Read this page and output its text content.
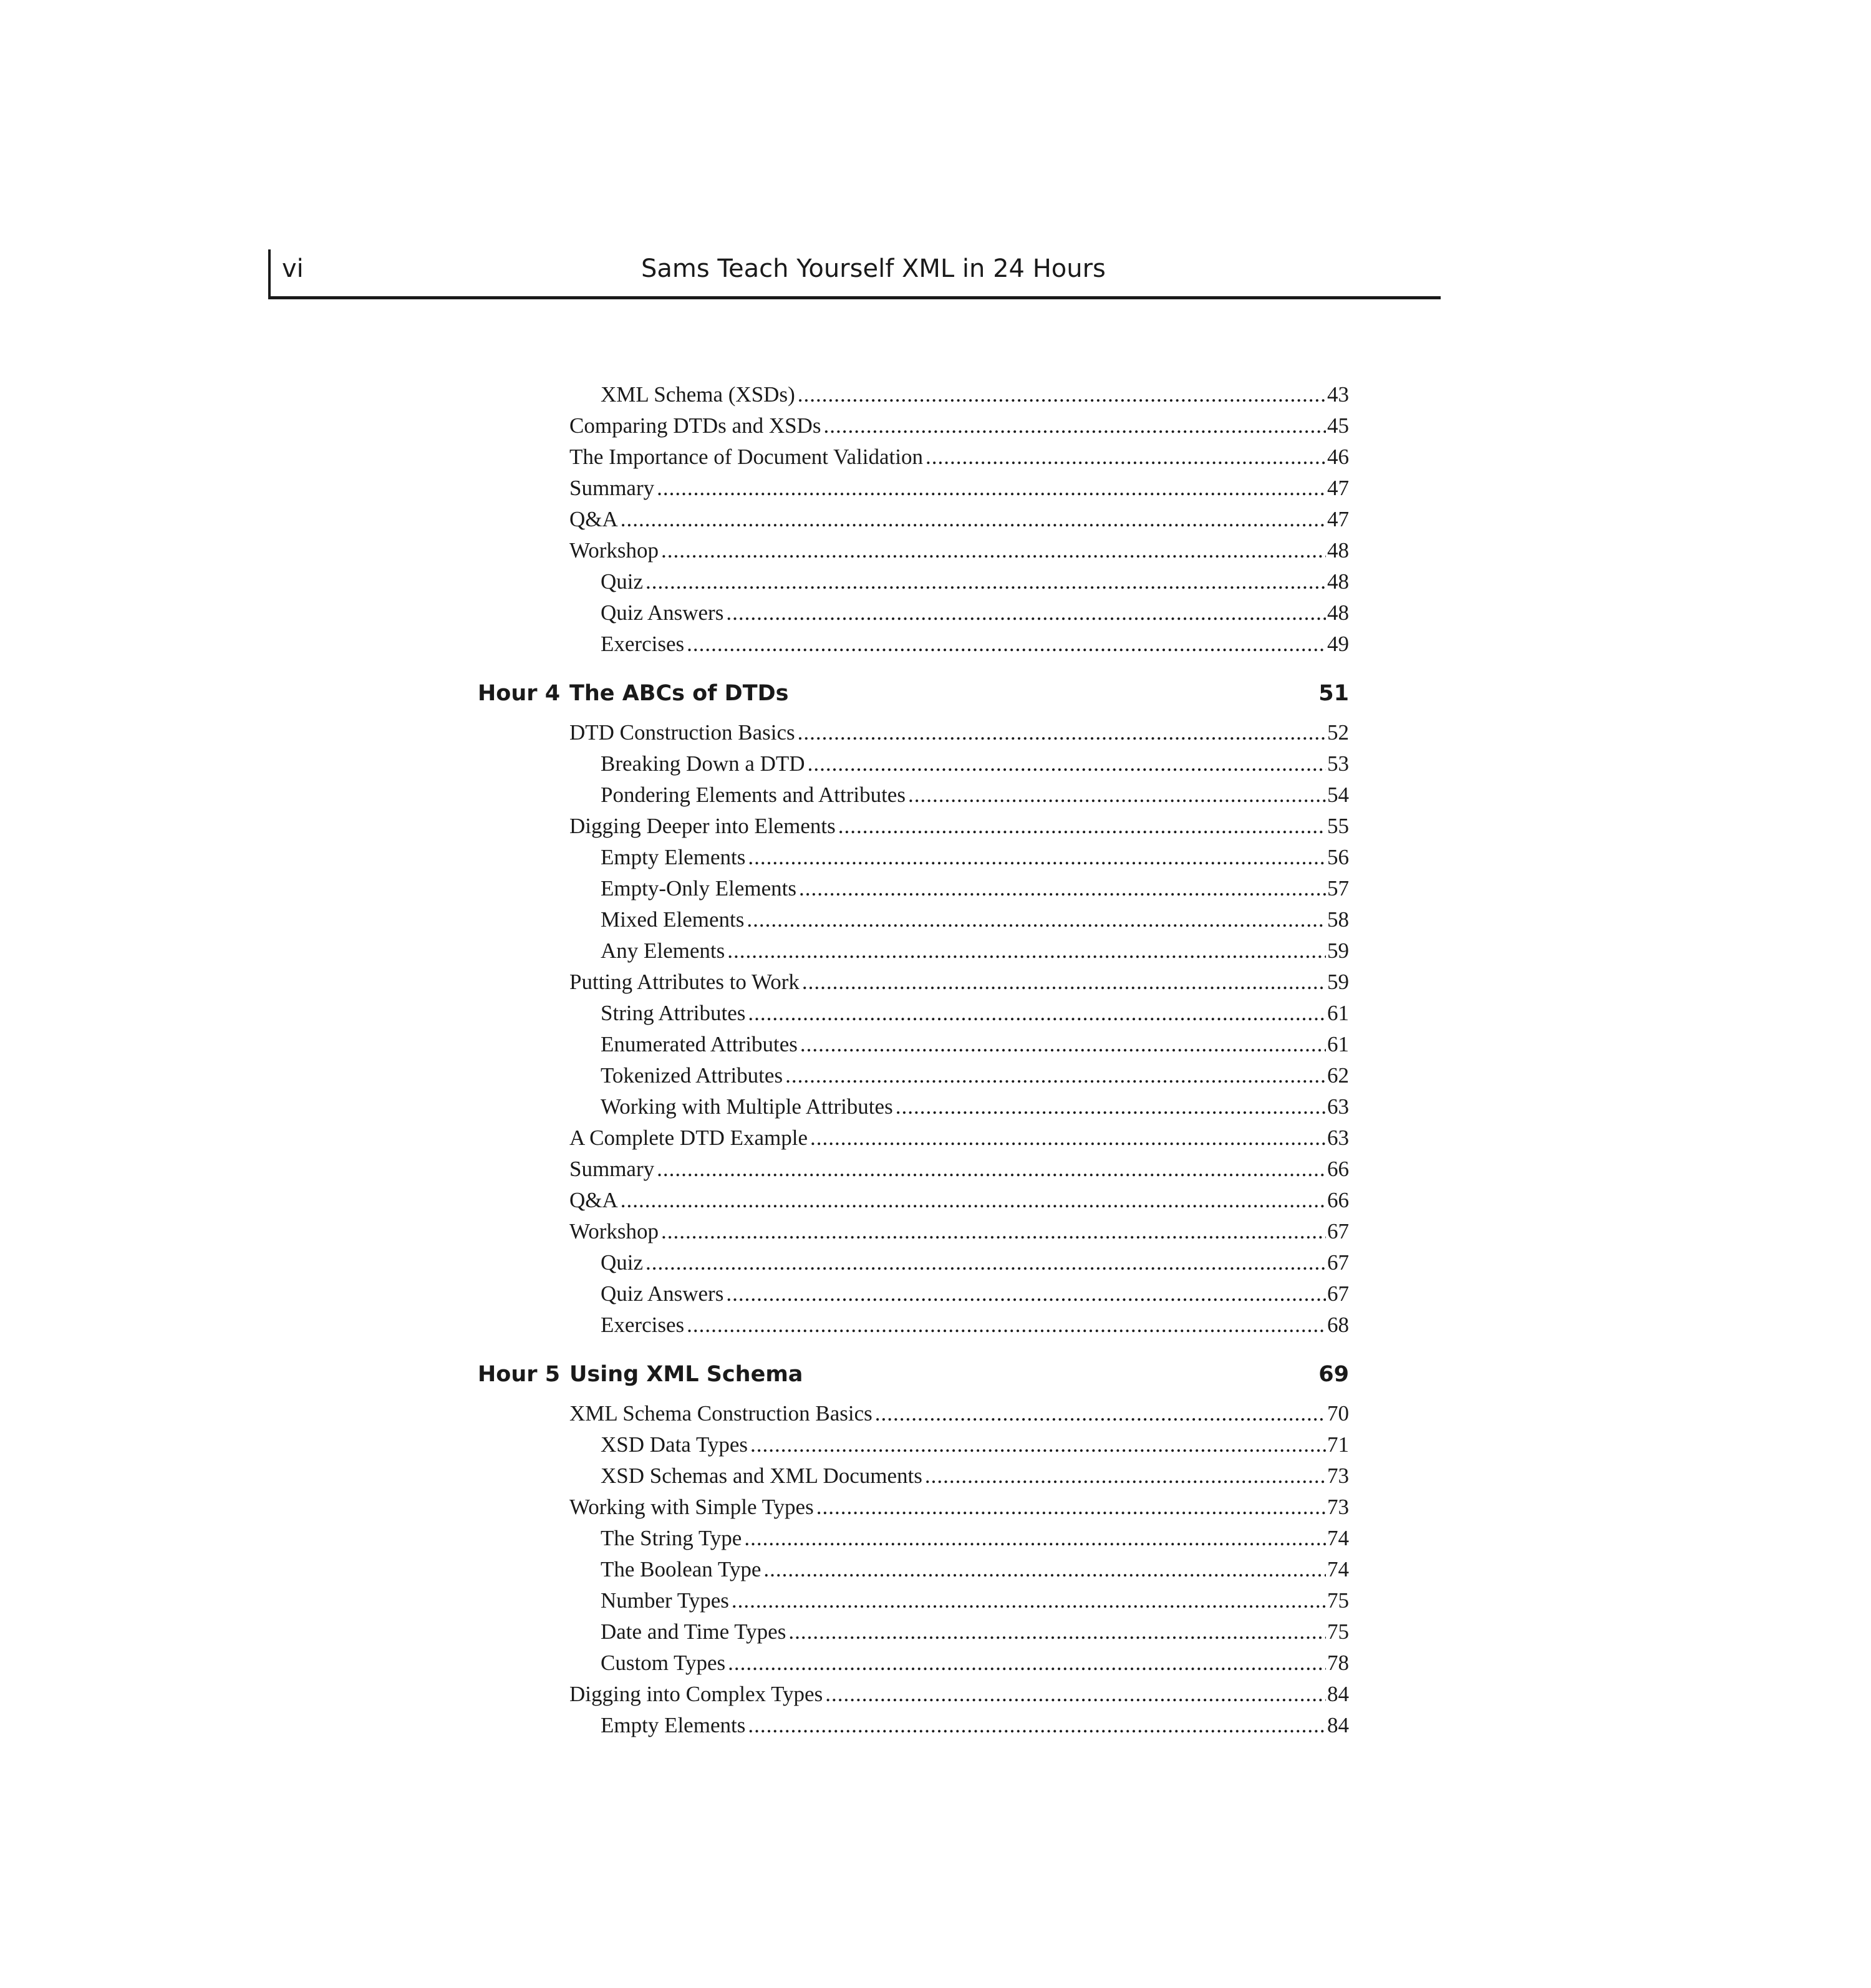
vi	Sams Teach Yourself XML in 24 Hours
XML Schema (XSDs) .....	43
Comparing DTDs and XSDs .....	45
The Importance of Document Validation .....	46
Summary .....	47
Q&A .....	47
Workshop .....	48
Quiz .....	48
Quiz Answers .....	48
Exercises .....	49
Hour 4 The ABCs of DTDs	51
DTD Construction Basics .....	52
Breaking Down a DTD .....	53
Pondering Elements and Attributes .....	54
Digging Deeper into Elements .....	55
Empty Elements .....	56
Empty-Only Elements .....	57
Mixed Elements .....	58
Any Elements .....	59
Putting Attributes to Work .....	59
String Attributes .....	61
Enumerated Attributes .....	61
Tokenized Attributes .....	62
Working with Multiple Attributes .....	63
A Complete DTD Example .....	63
Summary .....	66
Q&A .....	66
Workshop .....	67
Quiz .....	67
Quiz Answers .....	67
Exercises .....	68
Hour 5 Using XML Schema	69
XML Schema Construction Basics .....	70
XSD Data Types .....	71
XSD Schemas and XML Documents .....	73
Working with Simple Types .....	73
The String Type .....	74
The Boolean Type .....	74
Number Types .....	75
Date and Time Types .....	75
Custom Types .....	78
Digging into Complex Types .....	84
Empty Elements .....	84
